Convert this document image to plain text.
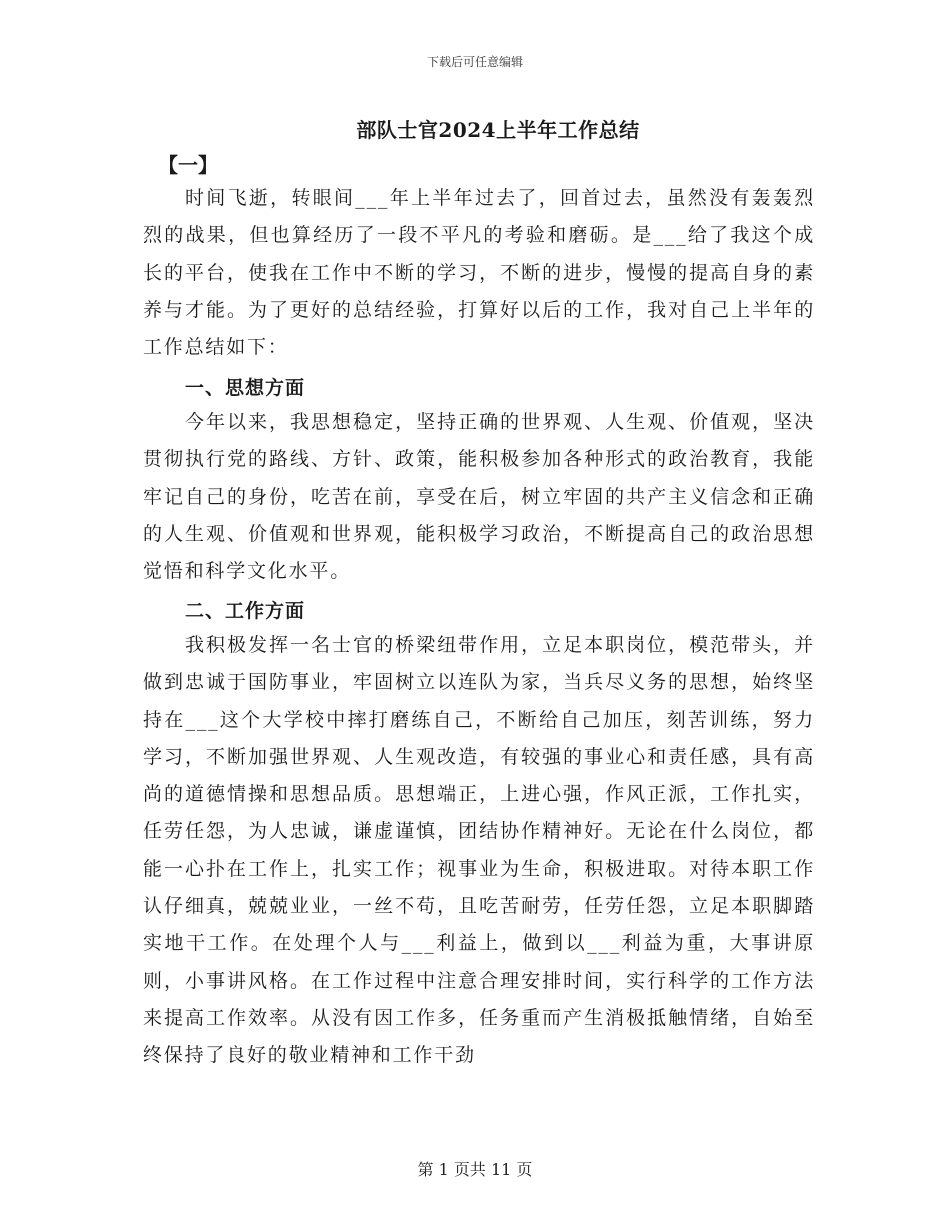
下载后可任意编辑
部队士官2024上半年工作总结
【一】

时间飞逝，转眼间___年上半年过去了，回首过去，虽然没有轰轰烈烈的战果，但也算经历了一段不平凡的考验和磨砺。是___给了我这个成长的平台，使我在工作中不断的学习，不断的进步，慢慢的提高自身的素养与才能。为了更好的总结经验，打算好以后的工作，我对自己上半年的工作总结如下：

一、思想方面

今年以来，我思想稳定，坚持正确的世界观、人生观、价值观，坚决贯彻执行党的路线、方针、政策，能积极参加各种形式的政治教育，我能牢记自己的身份，吃苦在前，享受在后，树立牢固的共产主义信念和正确的人生观、价值观和世界观，能积极学习政治，不断提高自己的政治思想觉悟和科学文化水平。

二、工作方面

我积极发挥一名士官的桥梁纽带作用，立足本职岗位，模范带头，并做到忠诚于国防事业，牢固树立以连队为家，当兵尽义务的思想，始终坚持在___这个大学校中摔打磨练自己，不断给自己加压，刻苦训练，努力学习，不断加强世界观、人生观改造，有较强的事业心和责任感，具有高尚的道德情操和思想品质。思想端正，上进心强，作风正派，工作扎实，任劳任怨，为人忠诚，谦虚谨慎，团结协作精神好。无论在什么岗位，都能一心扑在工作上，扎实工作；视事业为生命，积极进取。对待本职工作认仔细真，兢兢业业，一丝不苟，且吃苦耐劳，任劳任怨，立足本职脚踏实地干工作。在处理个人与___利益上，做到以___利益为重，大事讲原则，小事讲风格。在工作过程中注意合理安排时间，实行科学的工作方法来提高工作效率。从没有因工作多，任务重而产生消极抵触情绪，自始至终保持了良好的敬业精神和工作干劲

第 1 页共 11 页
